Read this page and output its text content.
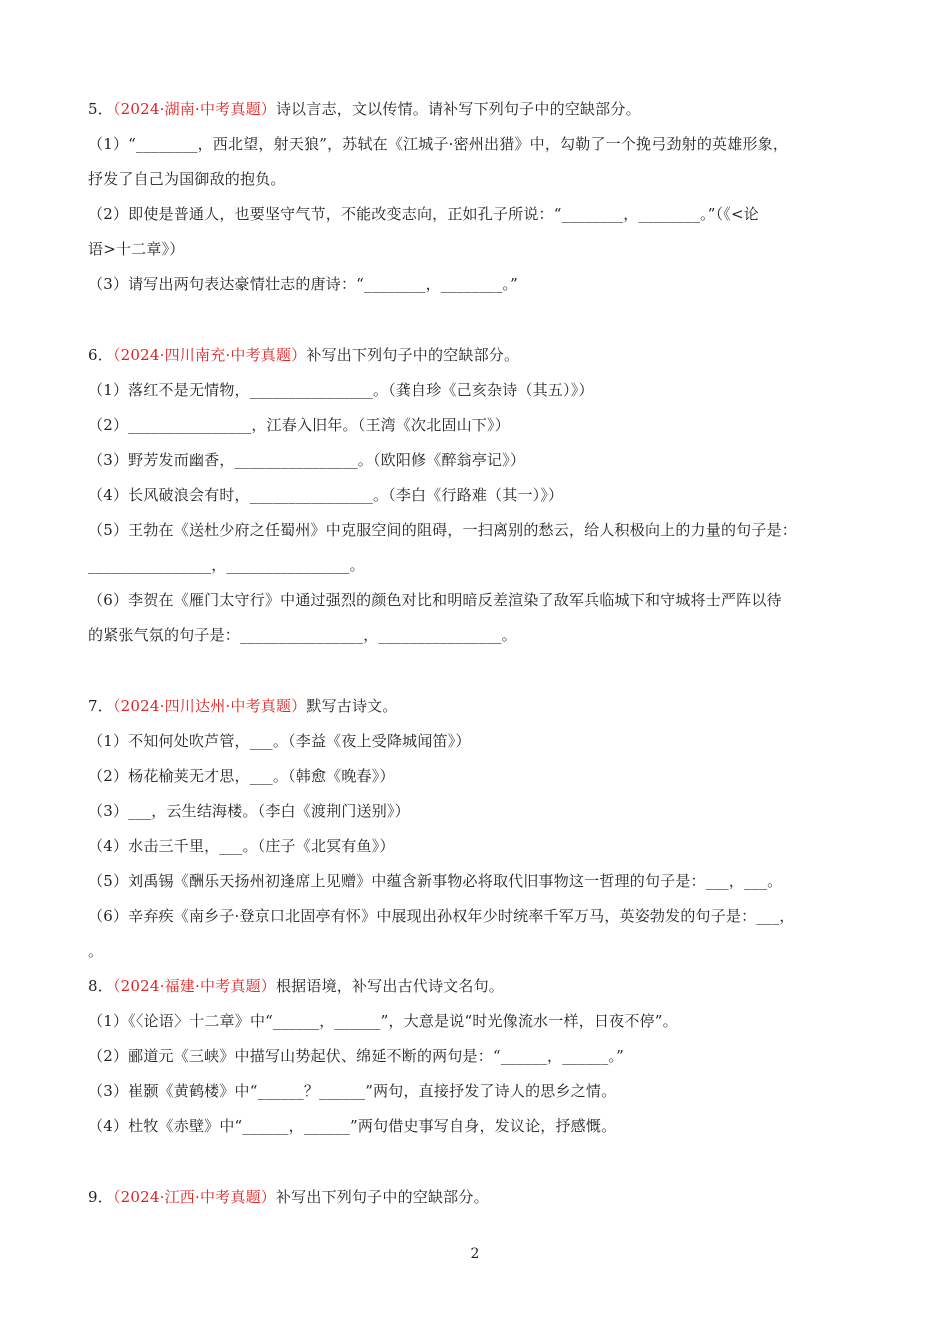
5．（2024·湖南·中考真题）诗以言志，文以传情。请补写下列句子中的空缺部分。
（1）“________，西北望，射天狼”，苏轼在《江城子·密州出猎》中，勾勒了一个挽弓劲射的英雄形象，
抒发了自己为国御敌的抱负。
（2）即使是普通人，也要坚守气节，不能改变志向，正如孔子所说：“________，________。”（《<论
语>十二章》）
（3）请写出两句表达豪情壮志的唐诗：“________，________。”
6．（2024·四川南充·中考真题）补写出下列句子中的空缺部分。
（1）落红不是无情物，________________。（龚自珍《己亥杂诗（其五）》）
（2）________________，江春入旧年。（王湾《次北固山下》）
（3）野芳发而幽香，________________。（欧阳修《醉翁亭记》）
（4）长风破浪会有时，________________。（李白《行路难（其一）》）
（5）王勃在《送杜少府之任蜀州》中克服空间的阻碍，一扫离别的愁云，给人积极向上的力量的句子是：
________________，________________。
（6）李贺在《雁门太守行》中通过强烈的颜色对比和明暗反差渲染了敌军兵临城下和守城将士严阵以待
的紧张气氛的句子是：________________，________________。
7．（2024·四川达州·中考真题）默写古诗文。
（1）不知何处吹芦管，___。（李益《夜上受降城闻笛》）
（2）杨花榆荚无才思，___。（韩愈《晚春》）
（3）___，云生结海楼。（李白《渡荆门送别》）
（4）水击三千里，___。（庄子《北冥有鱼》）
（5）刘禹锡《酬乐天扬州初逢席上见赠》中蕴含新事物必将取代旧事物这一哲理的句子是：___，___。
（6）辛弃疾《南乡子·登京口北固亭有怀》中展现出孙权年少时统率千军万马，英姿勃发的句子是：___，
。
8．（2024·福建·中考真题）根据语境，补写出古代诗文名句。
（1）《〈论语〉十二章》中“______，______”，大意是说“时光像流水一样，日夜不停”。
（2）郦道元《三峡》中描写山势起伏、绵延不断的两句是：“______，______。”
（3）崔颢《黄鹤楼》中“______？______”两句，直接抒发了诗人的思乡之情。
（4）杜牧《赤壁》中“______，______”两句借史事写自身，发议论，抒感慨。
9．（2024·江西·中考真题）补写出下列句子中的空缺部分。
2
